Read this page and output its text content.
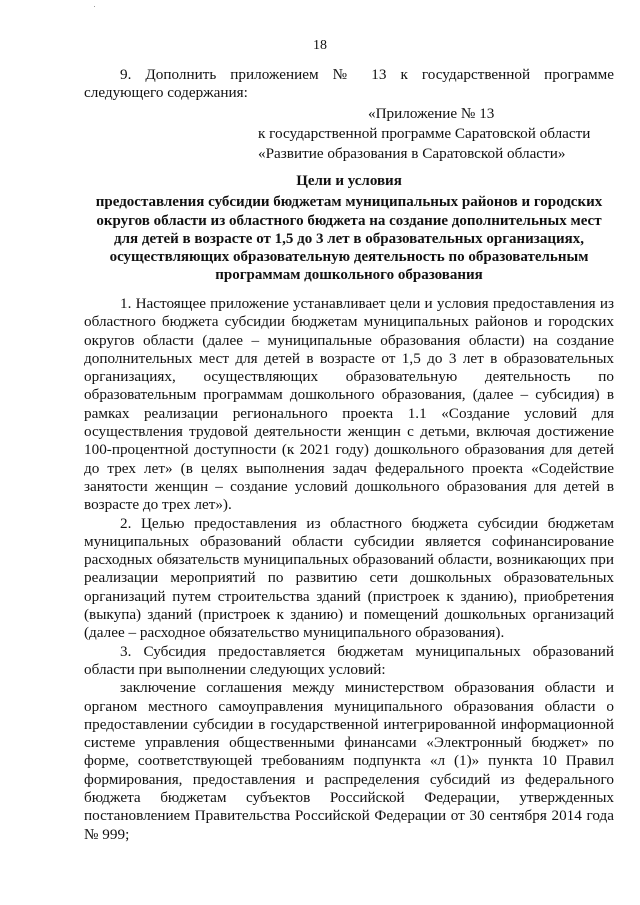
18

9. Дополнить приложением № 13 к государственной программе следующего содержания:

«Приложение № 13
к государственной программе Саратовской области
«Развитие образования в Саратовской области»
Цели и условия
предоставления субсидии бюджетам муниципальных районов и городских округов области из областного бюджета на создание дополнительных мест для детей в возрасте от 1,5 до 3 лет в образовательных организациях, осуществляющих образовательную деятельность по образовательным программам дошкольного образования

1. Настоящее приложение устанавливает цели и условия предоставления из областного бюджета субсидии бюджетам муниципальных районов и городских округов области (далее – муниципальные образования области) на создание дополнительных мест для детей в возрасте от 1,5 до 3 лет в образовательных организациях, осуществляющих образовательную деятельность по образовательным программам дошкольного образования, (далее – субсидия) в рамках реализации регионального проекта 1.1 «Создание условий для осуществления трудовой деятельности женщин с детьми, включая достижение 100-процентной доступности (к 2021 году) дошкольного образования для детей до трех лет» (в целях выполнения задач федерального проекта «Содействие занятости женщин – создание условий дошкольного образования для детей в возрасте до трех лет»).

2. Целью предоставления из областного бюджета субсидии бюджетам муниципальных образований области субсидии является софинансирование расходных обязательств муниципальных образований области, возникающих при реализации мероприятий по развитию сети дошкольных образовательных организаций путем строительства зданий (пристроек к зданию), приобретения (выкупа) зданий (пристроек к зданию) и помещений дошкольных организаций (далее – расходное обязательство муниципального образования).

3. Субсидия предоставляется бюджетам муниципальных образований области при выполнении следующих условий:

заключение соглашения между министерством образования области и органом местного самоуправления муниципального образования области о предоставлении субсидии в государственной интегрированной информационной системе управления общественными финансами «Электронный бюджет» по форме, соответствующей требованиям подпункта «л (1)» пункта 10 Правил формирования, предоставления и распределения субсидий из федерального бюджета бюджетам субъектов Российской Федерации, утвержденных постановлением Правительства Российской Федерации от 30 сентября 2014 года № 999;
